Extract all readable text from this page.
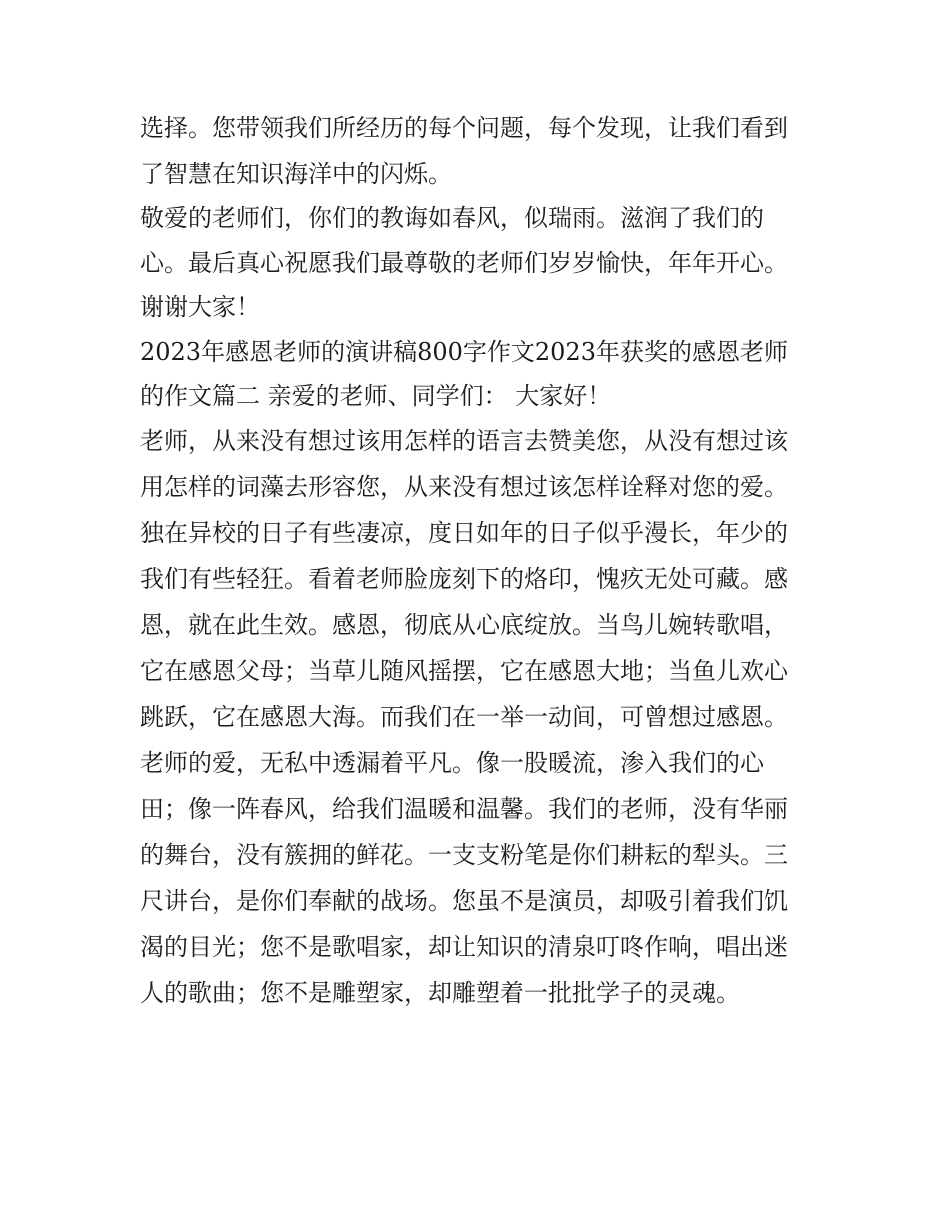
选择。您带领我们所经历的每个问题，每个发现，让我们看到
了智慧在知识海洋中的闪烁。
敬爱的老师们，你们的教诲如春风，似瑞雨。滋润了我们的
心。最后真心祝愿我们最尊敬的老师们岁岁愉快，年年开心。
谢谢大家！
2023年感恩老师的演讲稿800字作文2023年获奖的感恩老师
的作文篇二 亲爱的老师、同学们： 大家好！
老师，从来没有想过该用怎样的语言去赞美您，从没有想过该
用怎样的词藻去形容您，从来没有想过该怎样诠释对您的爱。
独在异校的日子有些凄凉，度日如年的日子似乎漫长，年少的
我们有些轻狂。看着老师脸庞刻下的烙印，愧疚无处可藏。感
恩，就在此生效。感恩，彻底从心底绽放。当鸟儿婉转歌唱，
它在感恩父母；当草儿随风摇摆，它在感恩大地；当鱼儿欢心
跳跃，它在感恩大海。而我们在一举一动间，可曾想过感恩。
老师的爱，无私中透漏着平凡。像一股暖流，渗入我们的心
田；像一阵春风，给我们温暖和温馨。我们的老师，没有华丽
的舞台，没有簇拥的鲜花。一支支粉笔是你们耕耘的犁头。三
尺讲台，是你们奉献的战场。您虽不是演员，却吸引着我们饥
渴的目光；您不是歌唱家，却让知识的清泉叮咚作响，唱出迷
人的歌曲；您不是雕塑家，却雕塑着一批批学子的灵魂。
